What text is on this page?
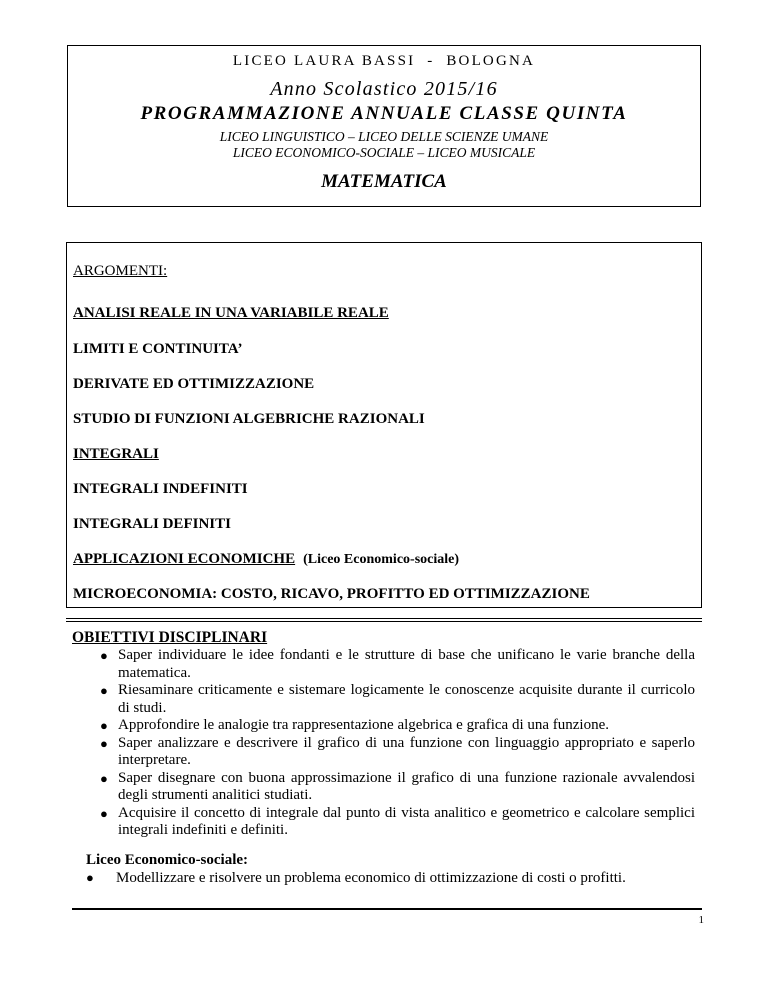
LICEO LAURA BASSI  -  BOLOGNA
Anno Scolastico 2015/16
PROGRAMMAZIONE ANNUALE CLASSE QUINTA
LICEO LINGUISTICO – LICEO DELLE SCIENZE UMANE
LICEO ECONOMICO-SOCIALE – LICEO MUSICALE
MATEMATICA
ARGOMENTI:
ANALISI REALE IN UNA VARIABILE REALE
LIMITI E CONTINUITA’
DERIVATE ED OTTIMIZZAZIONE
STUDIO DI FUNZIONI ALGEBRICHE RAZIONALI
INTEGRALI
INTEGRALI INDEFINITI
INTEGRALI DEFINITI
APPLICAZIONI ECONOMICHE (Liceo Economico-sociale)
MICROECONOMIA: COSTO, RICAVO, PROFITTO ED OTTIMIZZAZIONE
OBIETTIVI DISCIPLINARI
● Saper individuare le idee fondanti e le strutture di base che unificano le varie branche della matematica.
● Riesaminare criticamente e sistemare logicamente le conoscenze acquisite durante il curricolo di studi.
● Approfondire le analogie tra rappresentazione algebrica e grafica di una funzione.
● Saper analizzare e descrivere il grafico di una funzione con linguaggio appropriato e saperlo interpretare.
● Saper disegnare con buona approssimazione il grafico di una funzione razionale avvalendosi degli strumenti analitici studiati.
● Acquisire il concetto di integrale dal punto di vista analitico e geometrico e calcolare semplici integrali indefiniti e definiti.
Liceo Economico-sociale:
● Modellizzare e risolvere un problema economico di ottimizzazione di costi o profitti.
1
